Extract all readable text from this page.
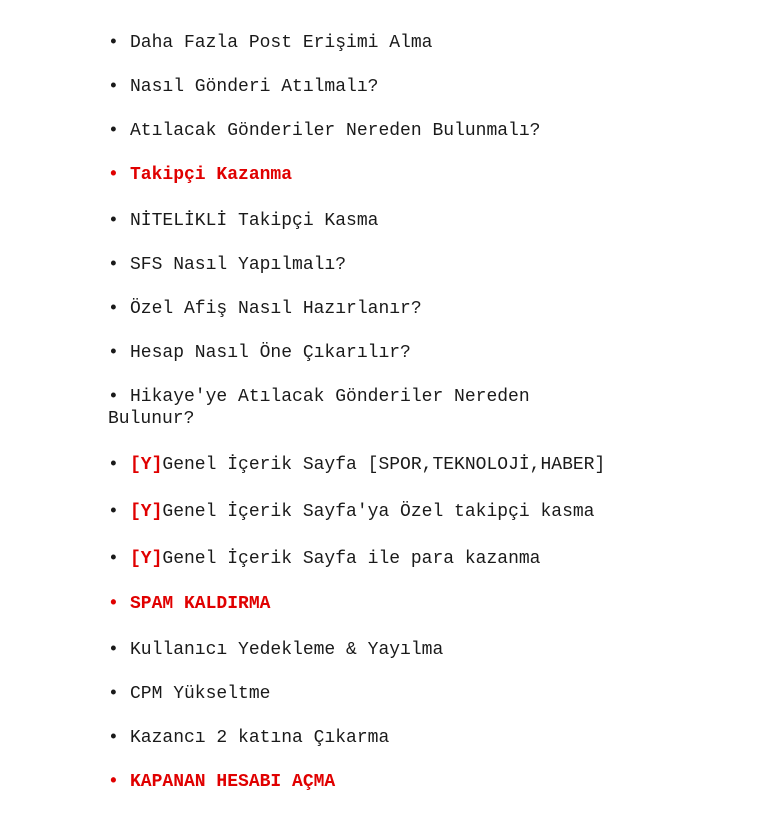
• Daha Fazla Post Erişimi Alma
• Nasıl Gönderi Atılmalı?
• Atılacak Gönderiler Nereden Bulunmalı?
• Takipçi Kazanma
• NİTELİKLİ Takipçi Kasma
• SFS Nasıl Yapılmalı?
• Özel Afiş Nasıl Hazırlanır?
• Hesap Nasıl Öne Çıkarılır?
• Hikaye'ye Atılacak Gönderiler Nereden Bulunur?
• [Y]Genel İçerik Sayfa [SPOR,TEKNOLOJİ,HABER]
• [Y]Genel İçerik Sayfa'ya Özel takipçi kasma
• [Y]Genel İçerik Sayfa ile para kazanma
• SPAM KALDIRMA
• Kullanıcı Yedekleme & Yayılma
• CPM Yükseltme
• Kazancı 2 katına Çıkarma
• KAPANAN HESABI AÇMA
